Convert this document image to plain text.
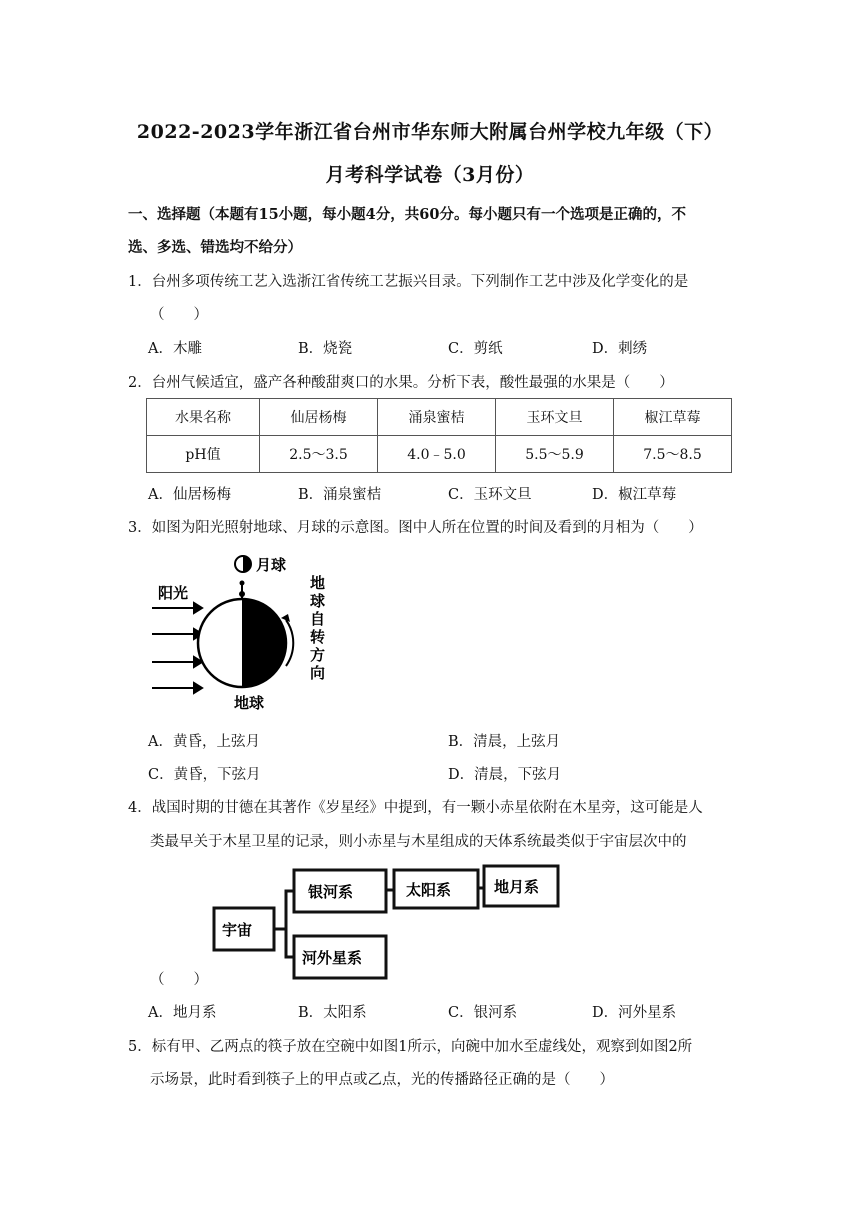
2022-2023学年浙江省台州市华东师大附属台州学校九年级（下）
月考科学试卷（3月份）
一、选择题（本题有15小题，每小题4分，共60分。每小题只有一个选项是正确的，不
选、多选、错选均不给分）
1．台州多项传统工艺入选浙江省传统工艺振兴目录。下列制作工艺中涉及化学变化的是
（　　）
A．木雕	B．烧瓷	C．剪纸	D．刺绣
2．台州气候适宜，盛产各种酸甜爽口的水果。分析下表，酸性最强的水果是（　　）
水果名称	仙居杨梅	涌泉蜜桔	玉环文旦	椒江草莓
pH值	2.5～3.5	4.0﹣5.0	5.5～5.9	7.5～8.5
A．仙居杨梅	B．涌泉蜜桔	C．玉环文旦	D．椒江草莓
3．如图为阳光照射地球、月球的示意图。图中人所在位置的时间及看到的月相为（　　）
月球
阳光
地球
地
球
自
转
方
向
A．黄昏，上弦月	B．清晨，上弦月
C．黄昏，下弦月	D．清晨，下弦月
4．战国时期的甘德在其著作《岁星经》中提到，有一颗小赤星依附在木星旁，这可能是人
类最早关于木星卫星的记录，则小赤星与木星组成的天体系统最类似于宇宙层次中的
宇宙
银河系	太阳系	地月系
河外星系
（　　）
A．地月系	B．太阳系	C．银河系	D．河外星系
5．标有甲、乙两点的筷子放在空碗中如图1所示，向碗中加水至虚线处，观察到如图2所
示场景，此时看到筷子上的甲点或乙点，光的传播路径正确的是（　　）
